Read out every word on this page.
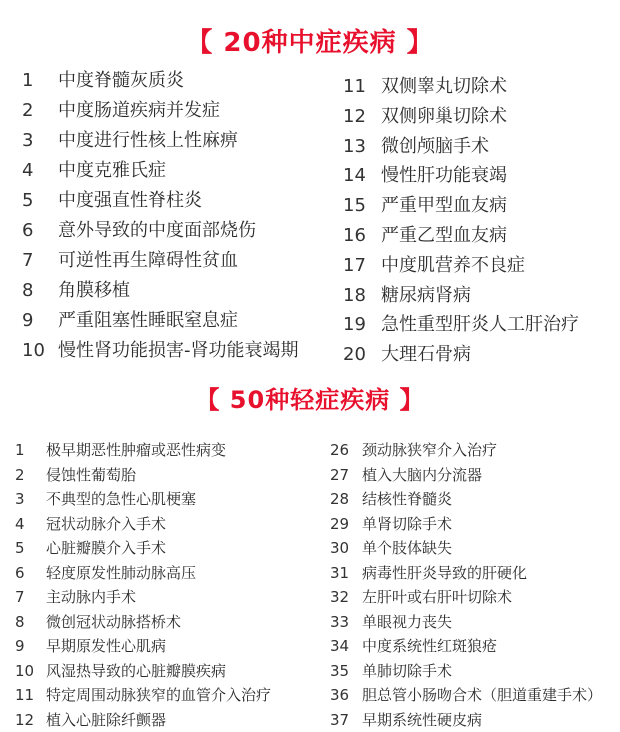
【 20种中症疾病 】
1 中度脊髓灰质炎
2 中度肠道疾病并发症
3 中度进行性核上性麻痹
4 中度克雅氏症
5 中度强直性脊柱炎
6 意外导致的中度面部烧伤
7 可逆性再生障碍性贫血
8 角膜移植
9 严重阻塞性睡眠窒息症
10 慢性肾功能损害-肾功能衰竭期
11 双侧睾丸切除术
12 双侧卵巢切除术
13 微创颅脑手术
14 慢性肝功能衰竭
15 严重甲型血友病
16 严重乙型血友病
17 中度肌营养不良症
18 糖尿病肾病
19 急性重型肝炎人工肝治疗
20 大理石骨病
【 50种轻症疾病 】
1 极早期恶性肿瘤或恶性病变
2 侵蚀性葡萄胎
3 不典型的急性心肌梗塞
4 冠状动脉介入手术
5 心脏瓣膜介入手术
6 轻度原发性肺动脉高压
7 主动脉内手术
8 微创冠状动脉搭桥术
9 早期原发性心肌病
10 风湿热导致的心脏瓣膜疾病
11 特定周围动脉狭窄的血管介入治疗
12 植入心脏除纤颤器
26 颈动脉狭窄介入治疗
27 植入大脑内分流器
28 结核性脊髓炎
29 单肾切除手术
30 单个肢体缺失
31 病毒性肝炎导致的肝硬化
32 左肝叶或右肝叶切除术
33 单眼视力丧失
34 中度系统性红斑狼疮
35 单肺切除手术
36 胆总管小肠吻合术（胆道重建手术）
37 早期系统性硬皮病
